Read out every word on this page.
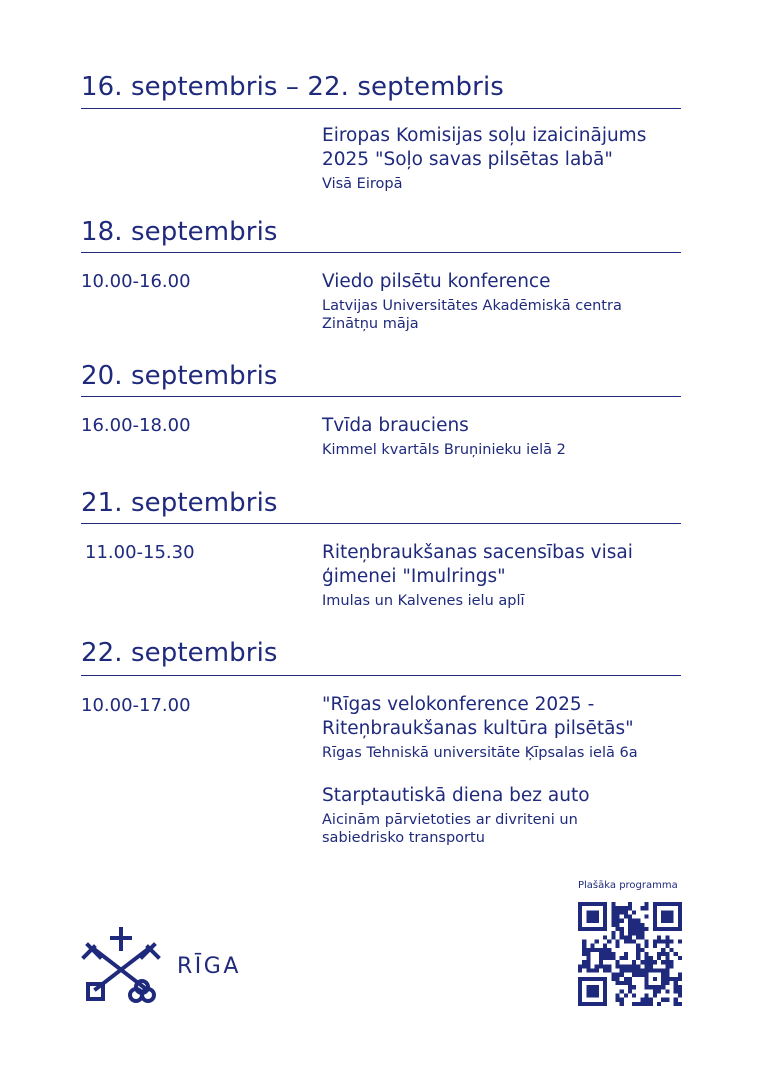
16. septembris – 22. septembris
Eiropas Komisijas soļu izaicinājums
2025 "Soļo savas pilsētas labā"
Visā Eiropā
18. septembris
10.00-16.00	Viedo pilsētu konference
Latvijas Universitātes Akadēmiskā centra
Zinātņu māja
20. septembris
16.00-18.00	Tvīda brauciens
Kimmel kvartāls Bruņinieku ielā 2
21. septembris
11.00-15.30	Riteņbraukšanas sacensības visai
ģimenei "Imulrings"
Imulas un Kalvenes ielu aplī
22. septembris
10.00-17.00	"Rīgas velokonference 2025 -
Riteņbraukšanas kultūra pilsētās"
Rīgas Tehniskā universitāte Ķīpsalas ielā 6a
Starptautiskā diena bez auto
Aicinām pārvietoties ar divriteni un
sabiedrisko transportu
RĪGA
Plašāka programma
